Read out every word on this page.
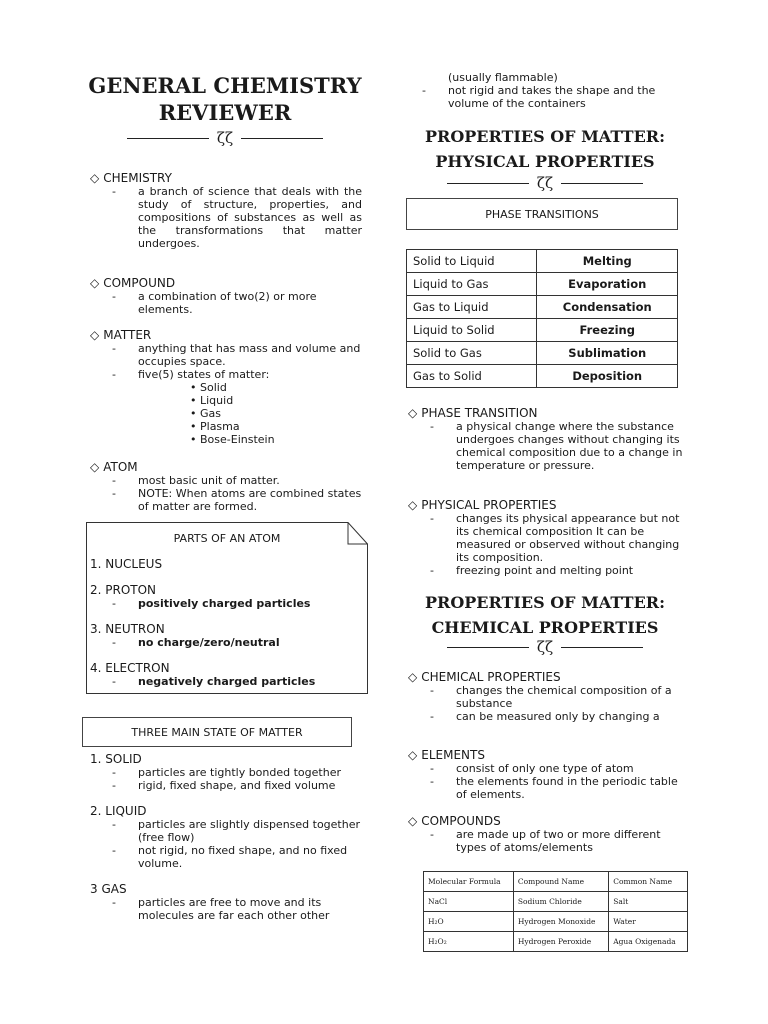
GENERAL CHEMISTRY
REVIEWER
ζζ
◇ CHEMISTRY
-	a branch of science that deals with the study of structure, properties, and compositions of substances as well as the transformations that matter undergoes.
◇ COMPOUND
-	a combination of two(2) or more elements.
◇ MATTER
-	anything that has mass and volume and occupies space.
-	five(5) states of matter:
• Solid
• Liquid
• Gas
• Plasma
• Bose-Einstein
◇ ATOM
-	most basic unit of matter.
-	NOTE: When atoms are combined states of matter are formed.
PARTS OF AN ATOM
1. NUCLEUS
2. PROTON
-	positively charged particles
3. NEUTRON
-	no charge/zero/neutral
4. ELECTRON
-	negatively charged particles
THREE MAIN STATE OF MATTER
1. SOLID
-	particles are tightly bonded together
-	rigid, fixed shape, and fixed volume
2. LIQUID
-	particles are slightly dispensed together (free flow)
-	not rigid, no fixed shape, and no fixed volume.
3 GAS
-	particles are free to move and its molecules are far each other other
(usually flammable)
-	not rigid and takes the shape and the volume of the containers
PROPERTIES OF MATTER:
PHYSICAL PROPERTIES
ζζ
PHASE TRANSITIONS
Solid to Liquid	Melting
Liquid to Gas	Evaporation
Gas to Liquid	Condensation
Liquid to Solid	Freezing
Solid to Gas	Sublimation
Gas to Solid	Deposition
◇ PHASE TRANSITION
-	a physical change where the substance undergoes changes without changing its chemical composition due to a change in temperature or pressure.
◇ PHYSICAL PROPERTIES
-	changes its physical appearance but not its chemical composition It can be measured or observed without changing its composition.
-	freezing point and melting point
PROPERTIES OF MATTER:
CHEMICAL PROPERTIES
ζζ
◇ CHEMICAL PROPERTIES
-	changes the chemical composition of a substance
-	can be measured only by changing a
◇ ELEMENTS
-	consist of only one type of atom
-	the elements found in the periodic table of elements.
◇ COMPOUNDS
-	are made up of two or more different types of atoms/elements
Molecular Formula	Compound Name	Common Name
NaCl	Sodium Chloride	Salt
H₂O	Hydrogen Monoxide	Water
H₂O₂	Hydrogen Peroxide	Agua Oxigenada
